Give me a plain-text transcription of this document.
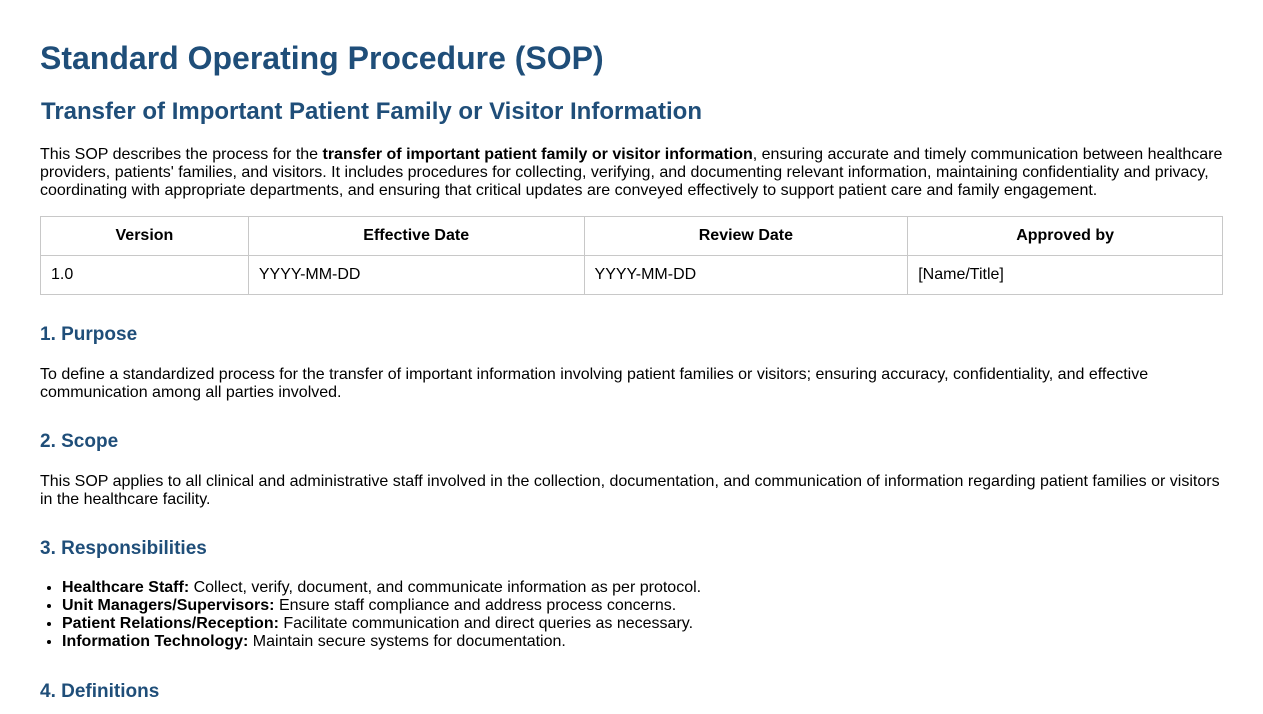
Standard Operating Procedure (SOP)
Transfer of Important Patient Family or Visitor Information

This SOP describes the process for the transfer of important patient family or visitor information, ensuring accurate and timely communication between healthcare providers, patients' families, and visitors. It includes procedures for collecting, verifying, and documenting relevant information, maintaining confidentiality and privacy, coordinating with appropriate departments, and ensuring that critical updates are conveyed effectively to support patient care and family engagement.

Version	Effective Date	Review Date	Approved by
1.0	YYYY-MM-DD	YYYY-MM-DD	[Name/Title]
1. Purpose

To define a standardized process for the transfer of important information involving patient families or visitors; ensuring accuracy, confidentiality, and effective communication among all parties involved.

2. Scope

This SOP applies to all clinical and administrative staff involved in the collection, documentation, and communication of information regarding patient families or visitors in the healthcare facility.

3. Responsibilities
• Healthcare Staff: Collect, verify, document, and communicate information as per protocol.
• Unit Managers/Supervisors: Ensure staff compliance and address process concerns.
• Patient Relations/Reception: Facilitate communication and direct queries as necessary.
• Information Technology: Maintain secure systems for documentation.
4. Definitions
